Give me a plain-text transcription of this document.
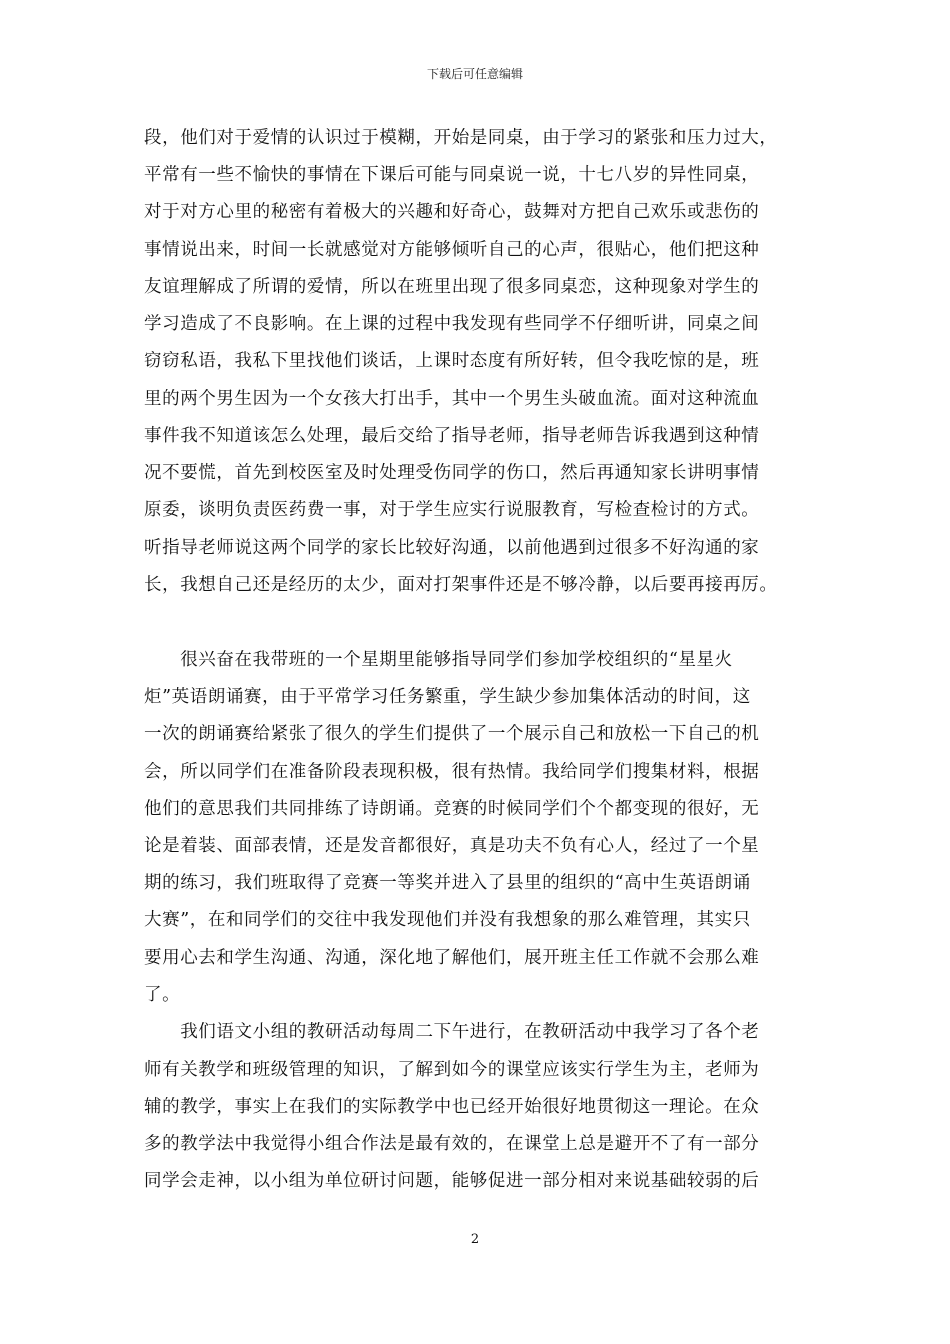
下载后可任意编辑
段，他们对于爱情的认识过于模糊，开始是同桌，由于学习的紧张和压力过大，
平常有一些不愉快的事情在下课后可能与同桌说一说，十七八岁的异性同桌，
对于对方心里的秘密有着极大的兴趣和好奇心，鼓舞对方把自己欢乐或悲伤的
事情说出来，时间一长就感觉对方能够倾听自己的心声，很贴心，他们把这种
友谊理解成了所谓的爱情，所以在班里出现了很多同桌恋，这种现象对学生的
学习造成了不良影响。在上课的过程中我发现有些同学不仔细听讲，同桌之间
窃窃私语，我私下里找他们谈话，上课时态度有所好转，但令我吃惊的是，班
里的两个男生因为一个女孩大打出手，其中一个男生头破血流。面对这种流血
事件我不知道该怎么处理，最后交给了指导老师，指导老师告诉我遇到这种情
况不要慌，首先到校医室及时处理受伤同学的伤口，然后再通知家长讲明事情
原委，谈明负责医药费一事，对于学生应实行说服教育，写检查检讨的方式。
听指导老师说这两个同学的家长比较好沟通，以前他遇到过很多不好沟通的家
长，我想自己还是经历的太少，面对打架事件还是不够冷静，以后要再接再厉。
　　很兴奋在我带班的一个星期里能够指导同学们参加学校组织的“星星火
炬”英语朗诵赛，由于平常学习任务繁重，学生缺少参加集体活动的时间，这
一次的朗诵赛给紧张了很久的学生们提供了一个展示自己和放松一下自己的机
会，所以同学们在准备阶段表现积极，很有热情。我给同学们搜集材料，根据
他们的意思我们共同排练了诗朗诵。竞赛的时候同学们个个都变现的很好，无
论是着装、面部表情，还是发音都很好，真是功夫不负有心人，经过了一个星
期的练习，我们班取得了竞赛一等奖并进入了县里的组织的“高中生英语朗诵
大赛”，在和同学们的交往中我发现他们并没有我想象的那么难管理，其实只
要用心去和学生沟通、沟通，深化地了解他们，展开班主任工作就不会那么难
了。
　　我们语文小组的教研活动每周二下午进行，在教研活动中我学习了各个老
师有关教学和班级管理的知识，了解到如今的课堂应该实行学生为主，老师为
辅的教学，事实上在我们的实际教学中也已经开始很好地贯彻这一理论。在众
多的教学法中我觉得小组合作法是最有效的，在课堂上总是避开不了有一部分
同学会走神，以小组为单位研讨问题，能够促进一部分相对来说基础较弱的后
2
